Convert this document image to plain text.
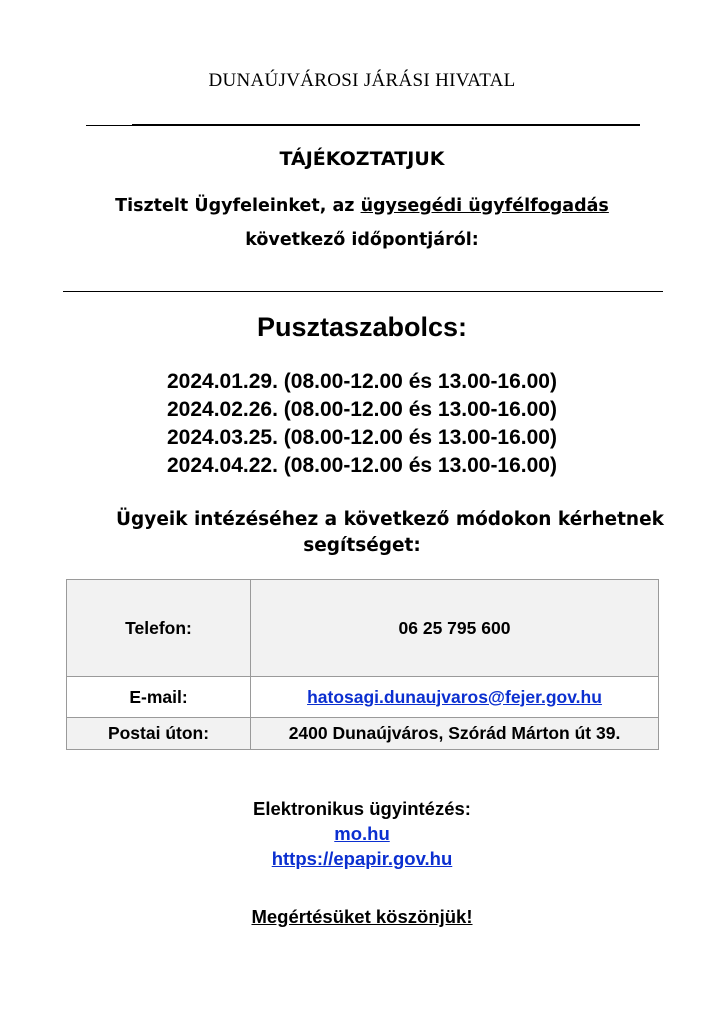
DUNAÚJVÁROSI JÁRÁSI HIVATAL
TÁJÉKOZTATJUK
Tisztelt Ügyfeleinket, az ügysegédi ügyfélfogadás
következő időpontjáról:
Pusztaszabolcs:
2024.01.29. (08.00-12.00 és 13.00-16.00)
2024.02.26. (08.00-12.00 és 13.00-16.00)
2024.03.25. (08.00-12.00 és 13.00-16.00)
2024.04.22. (08.00-12.00 és 13.00-16.00)
Ügyeik intézéséhez a következő módokon kérhetnek
segítséget:
Telefon:	06 25 795 600
E-mail:	hatosagi.dunaujvaros@fejer.gov.hu
Postai úton:	2400 Dunaújváros, Szórád Márton út 39.
Elektronikus ügyintézés:
mo.hu
https://epapir.gov.hu
Megértésüket köszönjük!
